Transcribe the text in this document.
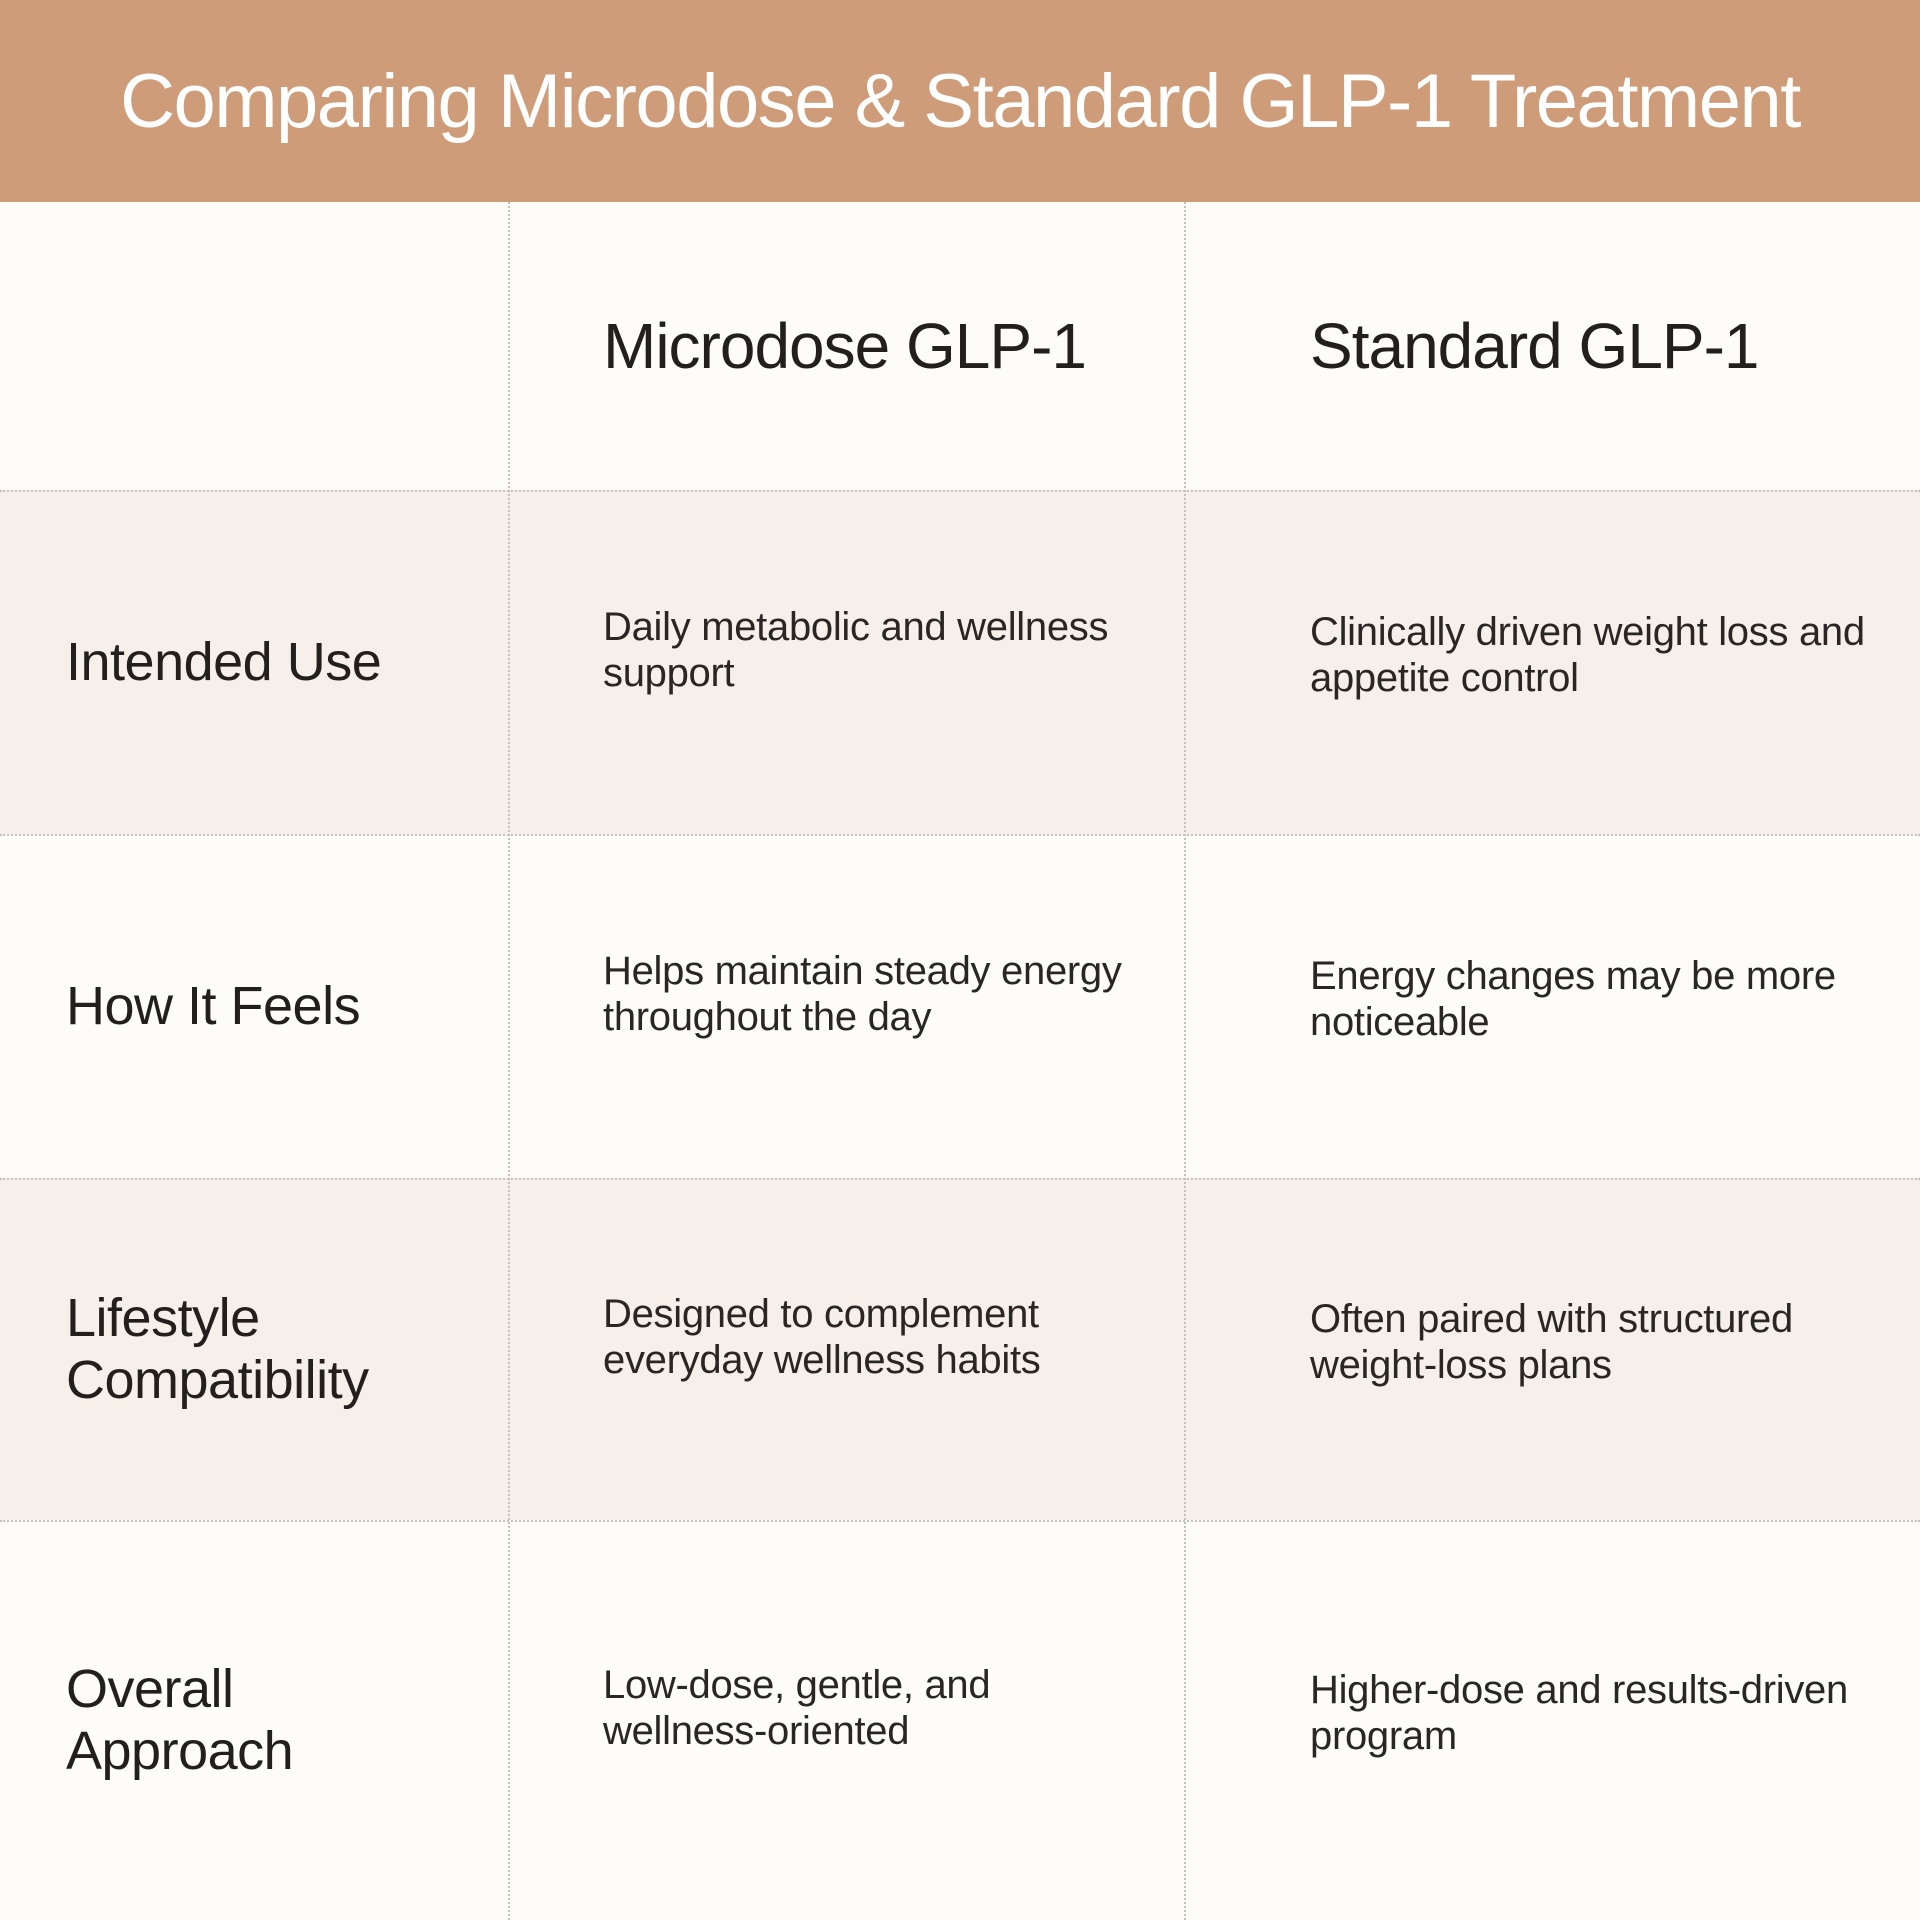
Comparing Microdose & Standard GLP-1 Treatment
Microdose GLP-1	Standard GLP-1
Intended Use
Daily metabolic and wellness support
Clinically driven weight loss and appetite control
How It Feels
Helps maintain steady energy throughout the day
Energy changes may be more noticeable
Lifestyle Compatibility
Designed to complement everyday wellness habits
Often paired with structured weight-loss plans
Overall Approach
Low-dose, gentle, and wellness-oriented
Higher-dose and results-driven program
